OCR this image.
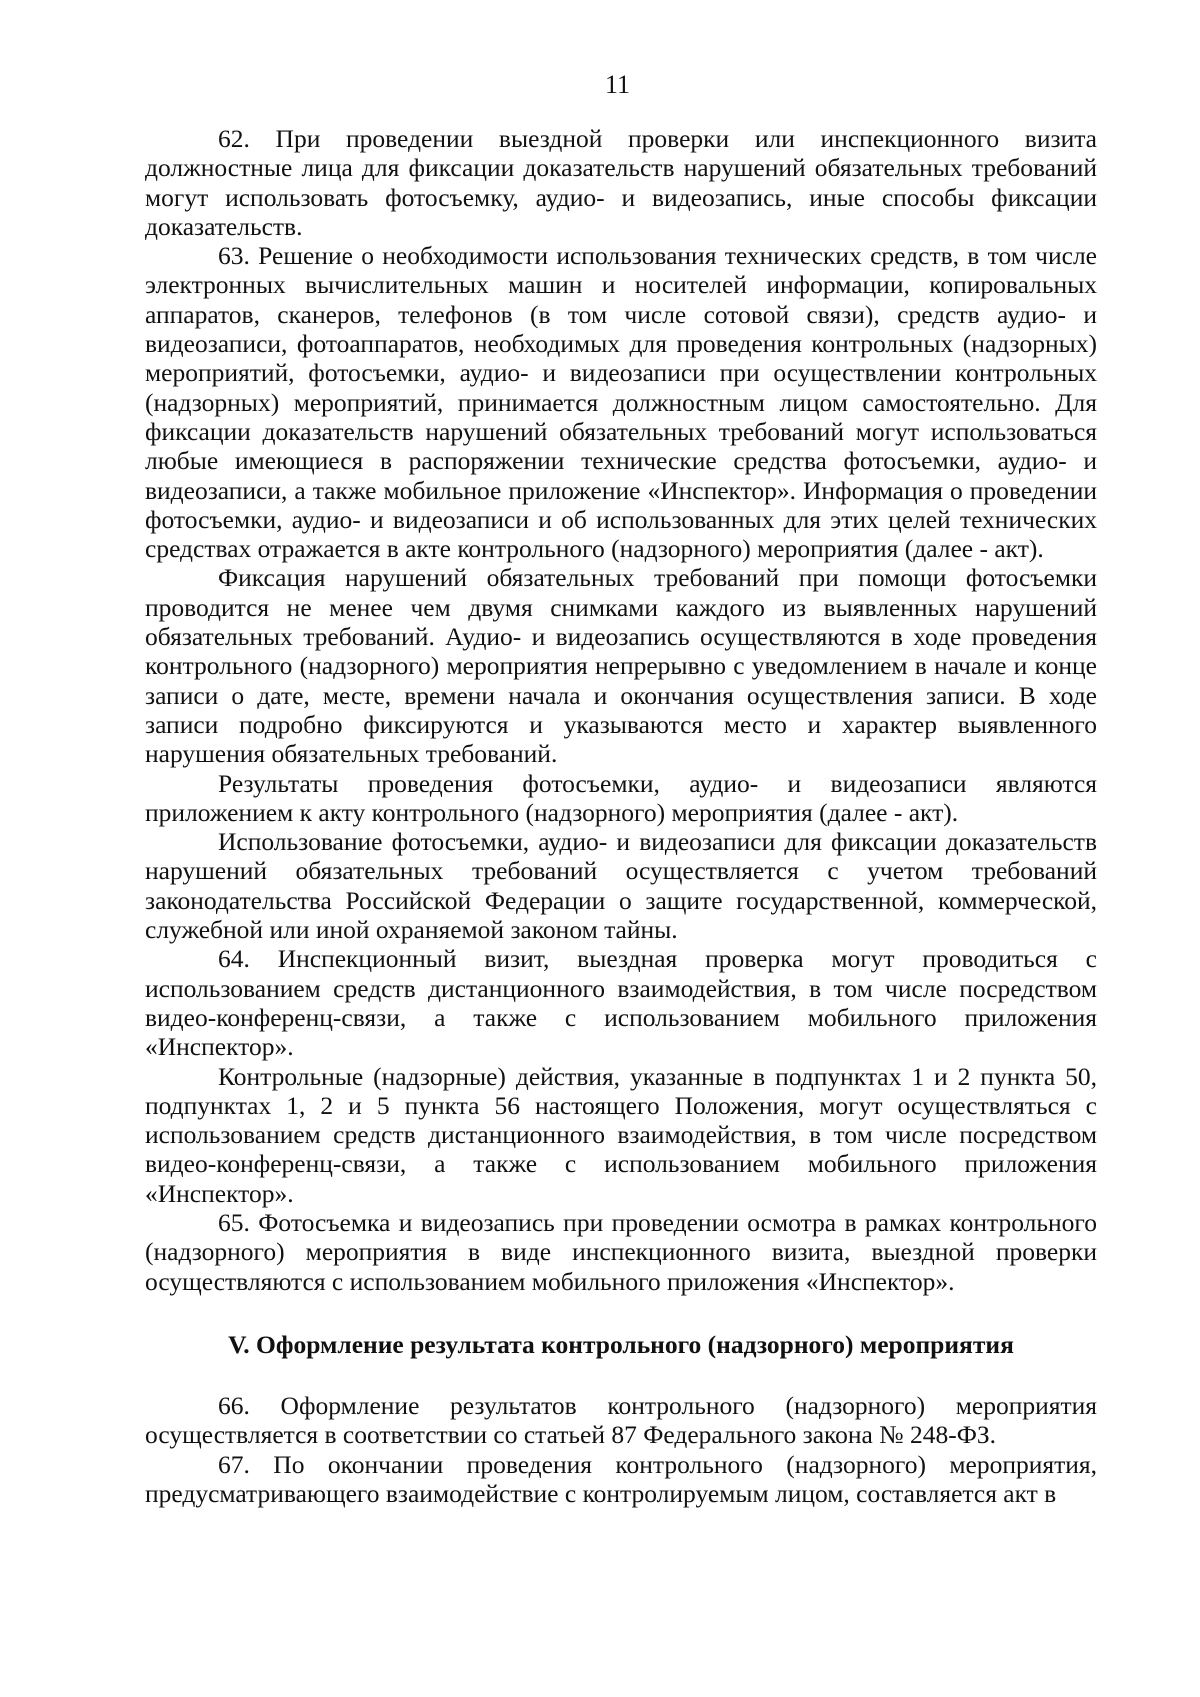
11

62. При проведении выездной проверки или инспекционного визита должностные лица для фиксации доказательств нарушений обязательных требований могут использовать фотосъемку, аудио- и видеозапись, иные способы фиксации доказательств.

63. Решение о необходимости использования технических средств, в том числе электронных вычислительных машин и носителей информации, копировальных аппаратов, сканеров, телефонов (в том числе сотовой связи), средств аудио- и видеозаписи, фотоаппаратов, необходимых для проведения контрольных (надзорных) мероприятий, фотосъемки, аудио- и видеозаписи при осуществлении контрольных (надзорных) мероприятий, принимается должностным лицом самостоятельно. Для фиксации доказательств нарушений обязательных требований могут использоваться любые имеющиеся в распоряжении технические средства фотосъемки, аудио- и видеозаписи, а также мобильное приложение «Инспектор». Информация о проведении фотосъемки, аудио- и видеозаписи и об использованных для этих целей технических средствах отражается в акте контрольного (надзорного) мероприятия (далее - акт).

Фиксация нарушений обязательных требований при помощи фотосъемки проводится не менее чем двумя снимками каждого из выявленных нарушений обязательных требований. Аудио- и видеозапись осуществляются в ходе проведения контрольного (надзорного) мероприятия непрерывно с уведомлением в начале и конце записи о дате, месте, времени начала и окончания осуществления записи. В ходе записи подробно фиксируются и указываются место и характер выявленного нарушения обязательных требований.

Результаты проведения фотосъемки, аудио- и видеозаписи являются приложением к акту контрольного (надзорного) мероприятия (далее - акт).

Использование фотосъемки, аудио- и видеозаписи для фиксации доказательств нарушений обязательных требований осуществляется с учетом требований законодательства Российской Федерации о защите государственной, коммерческой, служебной или иной охраняемой законом тайны.

64. Инспекционный визит, выездная проверка могут проводиться с использованием средств дистанционного взаимодействия, в том числе посредством видео-конференц-связи, а также с использованием мобильного приложения «Инспектор».

Контрольные (надзорные) действия, указанные в подпунктах 1 и 2 пункта 50, подпунктах 1, 2 и 5 пункта 56 настоящего Положения, могут осуществляться с использованием средств дистанционного взаимодействия, в том числе посредством видео-конференц-связи, а также с использованием мобильного приложения «Инспектор».

65. Фотосъемка и видеозапись при проведении осмотра в рамках контрольного (надзорного) мероприятия в виде инспекционного визита, выездной проверки осуществляются с использованием мобильного приложения «Инспектор».

V. Оформление результата контрольного (надзорного) мероприятия

66. Оформление результатов контрольного (надзорного) мероприятия осуществляется в соответствии со статьей 87 Федерального закона № 248-ФЗ.

67. По окончании проведения контрольного (надзорного) мероприятия, предусматривающего взаимодействие с контролируемым лицом, составляется акт в
